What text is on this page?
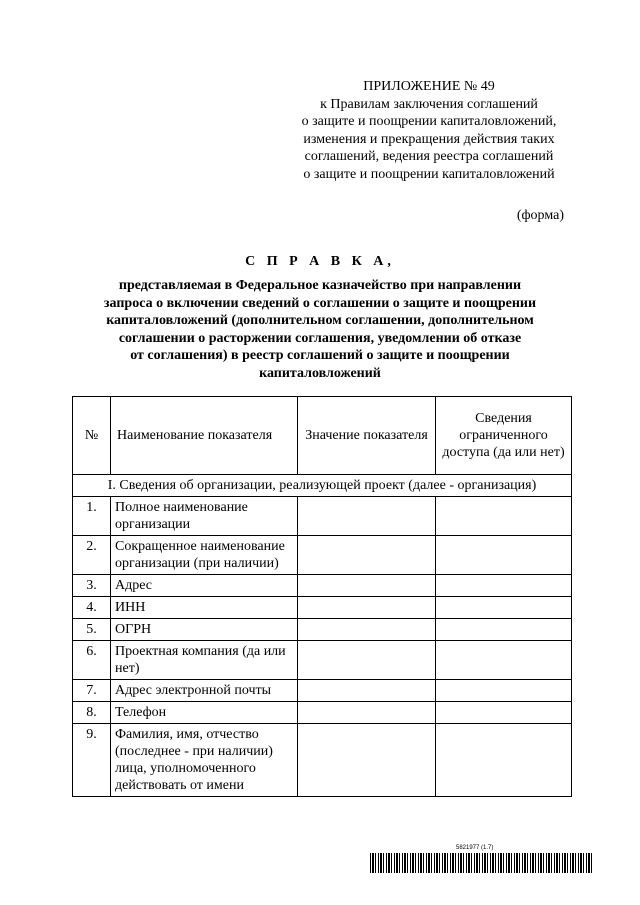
ПРИЛОЖЕНИЕ № 49
к Правилам заключения соглашений
о защите и поощрении капиталовложений,
изменения и прекращения действия таких
соглашений, ведения реестра соглашений
о защите и поощрении капиталовложений
(форма)
С П Р А В К А,
представляемая в Федеральное казначейство при направлении
запроса о включении сведений о соглашении о защите и поощрении
капиталовложений (дополнительном соглашении, дополнительном
соглашении о расторжении соглашения, уведомлении об отказе
от соглашения) в реестр соглашений о защите и поощрении
капиталовложений
№	Наименование показателя	Значение показателя	Сведения ограниченного доступа (да или нет)
I. Сведения об организации, реализующей проект (далее - организация)			
1.	Полное наименование организации		
2.	Сокращенное наименование организации (при наличии)		
3.	Адрес		
4.	ИНН		
5.	ОГРН		
6.	Проектная компания (да или нет)		
7.	Адрес электронной почты		
8.	Телефон		
9.	Фамилия, имя, отчество (последнее - при наличии) лица, уполномоченного действовать от имени		
5821977 (1.7)
